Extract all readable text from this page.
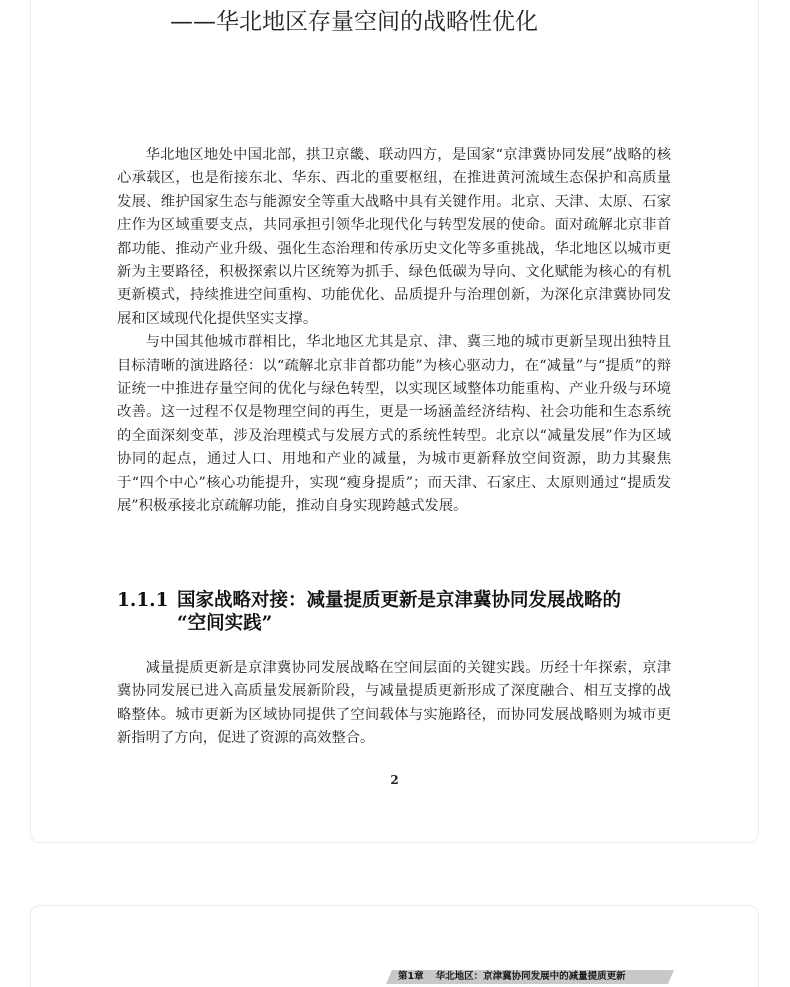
——华北地区存量空间的战略性优化

华北地区地处中国北部，拱卫京畿、联动四方，是国家“京津冀协同发展”战略的核心承载区，也是衔接东北、华东、西北的重要枢纽，在推进黄河流域生态保护和高质量发展、维护国家生态与能源安全等重大战略中具有关键作用。北京、天津、太原、石家庄作为区域重要支点，共同承担引领华北现代化与转型发展的使命。面对疏解北京非首都功能、推动产业升级、强化生态治理和传承历史文化等多重挑战，华北地区以城市更新为主要路径，积极探索以片区统筹为抓手、绿色低碳为导向、文化赋能为核心的有机更新模式，持续推进空间重构、功能优化、品质提升与治理创新，为深化京津冀协同发展和区域现代化提供坚实支撑。

与中国其他城市群相比，华北地区尤其是京、津、冀三地的城市更新呈现出独特且目标清晰的演进路径：以“疏解北京非首都功能”为核心驱动力，在“减量”与“提质”的辩证统一中推进存量空间的优化与绿色转型，以实现区域整体功能重构、产业升级与环境改善。这一过程不仅是物理空间的再生，更是一场涵盖经济结构、社会功能和生态系统的全面深刻变革，涉及治理模式与发展方式的系统性转型。北京以“减量发展”作为区域协同的起点，通过人口、用地和产业的减量，为城市更新释放空间资源，助力其聚焦于“四个中心”核心功能提升，实现“瘦身提质”；而天津、石家庄、太原则通过“提质发展”积极承接北京疏解功能，推动自身实现跨越式发展。

1.1.1 国家战略对接：减量提质更新是京津冀协同发展战略的
“空间实践”

减量提质更新是京津冀协同发展战略在空间层面的关键实践。历经十年探索，京津冀协同发展已进入高质量发展新阶段，与减量提质更新形成了深度融合、相互支撑的战略整体。城市更新为区域协同提供了空间载体与实施路径，而协同发展战略则为城市更新指明了方向，促进了资源的高效整合。

2
第1章 华北地区：京津冀协同发展中的减量提质更新
